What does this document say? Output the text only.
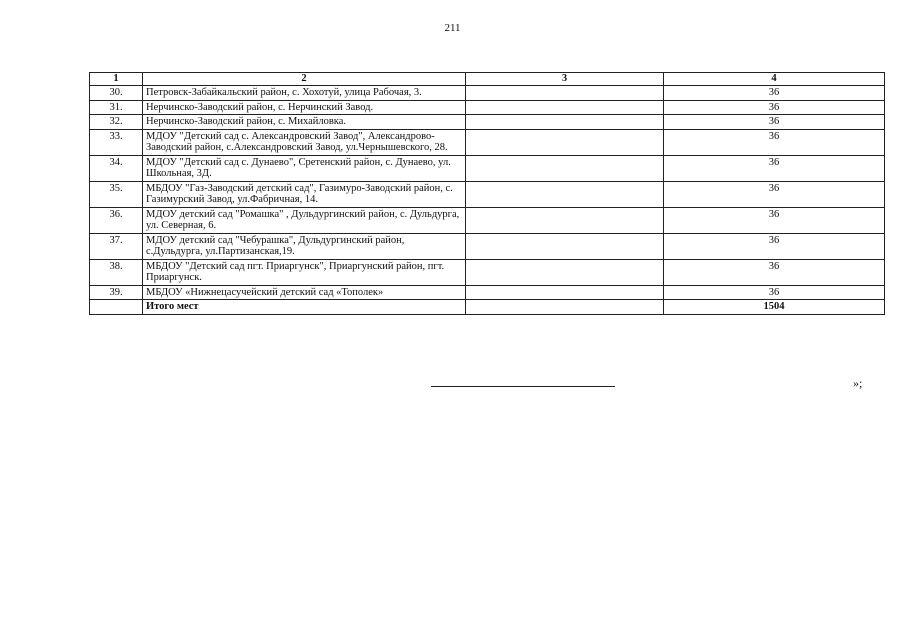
211
1	2	3	4
30.	Петровск-Забайкальский район, с. Хохотуй, улица Рабочая, 3.		36
31.	Нерчинско-Заводский район, с. Нерчинский Завод.		36
32.	Нерчинско-Заводский район, с. Михайловка.		36
33.	МДОУ "Детский сад с. Александровский Завод", Александрово-Заводский район, с.Александровский Завод, ул.Чернышевского, 28.		36
34.	МДОУ "Детский сад с. Дунаево", Сретенский район, с. Дунаево, ул. Школьная, 3Д.		36
35.	МБДОУ "Газ-Заводский детский сад", Газимуро-Заводский район, с. Газимурский Завод, ул.Фабричная, 14.		36
36.	МДОУ детский сад "Ромашка" , Дульдургинский район, с. Дульдурга, ул. Северная, 6.		36
37.	МДОУ детский сад "Чебурашка", Дульдургинский район, с.Дульдурга, ул.Партизанская,19.		36
38.	МБДОУ "Детский сад пгт. Приаргунск", Приаргунский район, пгт. Приаргунск.		36
39.	МБДОУ «Нижнецасучейский детский сад «Тополек»		36
	Итого мест		1504
»;
